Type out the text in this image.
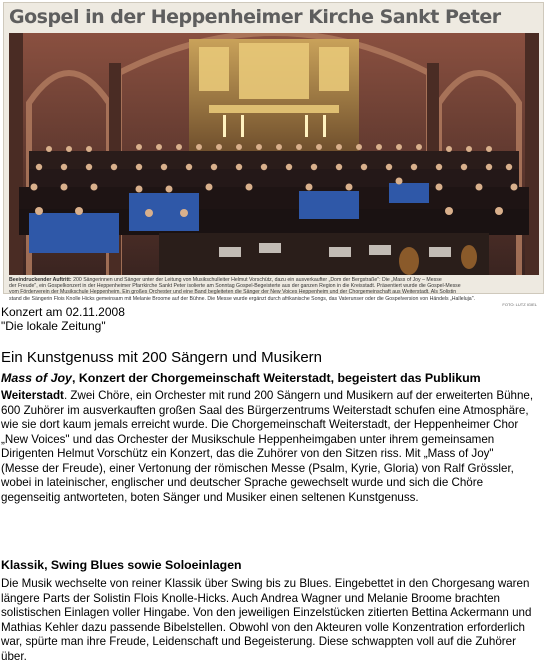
Gospel in der Heppenheimer Kirche Sankt Peter
Beeindruckender Auftritt: 200 Sängerinnen und Sänger unter der Leitung von Musikschulleiter Helmut Vorschütz, dazu ein ausverkaufter „Dom der Bergstraße": Die „Mass of Joy – Messe
der Freude", ein Gospelkonzert in der Heppenheimer Pfarrkirche Sankt Peter isolierte am Sonntag Gospel-Begeisterte aus der ganzen Region in die Kreisstadt. Präsentiert wurde die Gospel-Messe
vom Förderverein der Musikschule Heppenheim. Ein großes Orchester und eine Band begleiteten die Sänger der New Voices Heppenheim und der Chorgemeinschaft aus Weiterstadt. Als Solistin
stand die Sängerin Flois Knolle Hicks gemeinsam mit Melanie Broome auf der Bühne. Die Messe wurde ergänzt durch afrikanische Songs, das Vaterunser oder die Gospelversion von Händels „Halleluja".
FOTO: LUTZ IGIEL
Konzert am 02.11.2008
"Die lokale Zeitung"
Ein Kunstgenuss mit 200 Sängern und Musikern
Mass of Joy, Konzert der Chorgemeinschaft Weiterstadt, begeistert das Publikum
Weiterstadt. Zwei Chöre, ein Orchester mit rund 200 Sängern und Musikern auf der erweiterten Bühne,
600 Zuhörer im ausverkauften großen Saal des Bürgerzentrums Weiterstadt schufen eine Atmosphäre,
wie sie dort kaum jemals erreicht wurde. Die Chorgemeinschaft Weiterstadt, der Heppenheimer Chor
„New Voices" und das Orchester der Musikschule Heppenheimgaben unter ihrem gemeinsamen
Dirigenten Helmut Vorschütz ein Konzert, das die Zuhörer von den Sitzen riss. Mit „Mass of Joy"
(Messe der Freude), einer Vertonung der römischen Messe (Psalm, Kyrie, Gloria) von Ralf Grössler,
wobei in lateinischer, englischer und deutscher Sprache gewechselt wurde und sich die Chöre
gegenseitig antworteten, boten Sänger und Musiker einen seltenen Kunstgenuss.
Klassik, Swing Blues sowie Soloeinlagen
Die Musik wechselte von reiner Klassik über Swing bis zu Blues. Eingebettet in den Chorgesang waren
längere Parts der Solistin Flois Knolle-Hicks. Auch Andrea Wagner und Melanie Broome brachten
solistischen Einlagen voller Hingabe. Von den jeweiligen Einzelstücken zitierten Bettina Ackermann und
Mathias Kehler dazu passende Bibelstellen. Obwohl von den Akteuren volle Konzentration erforderlich
war, spürte man ihre Freude, Leidenschaft und Begeisterung. Diese schwappten voll auf die Zuhörer
über.
